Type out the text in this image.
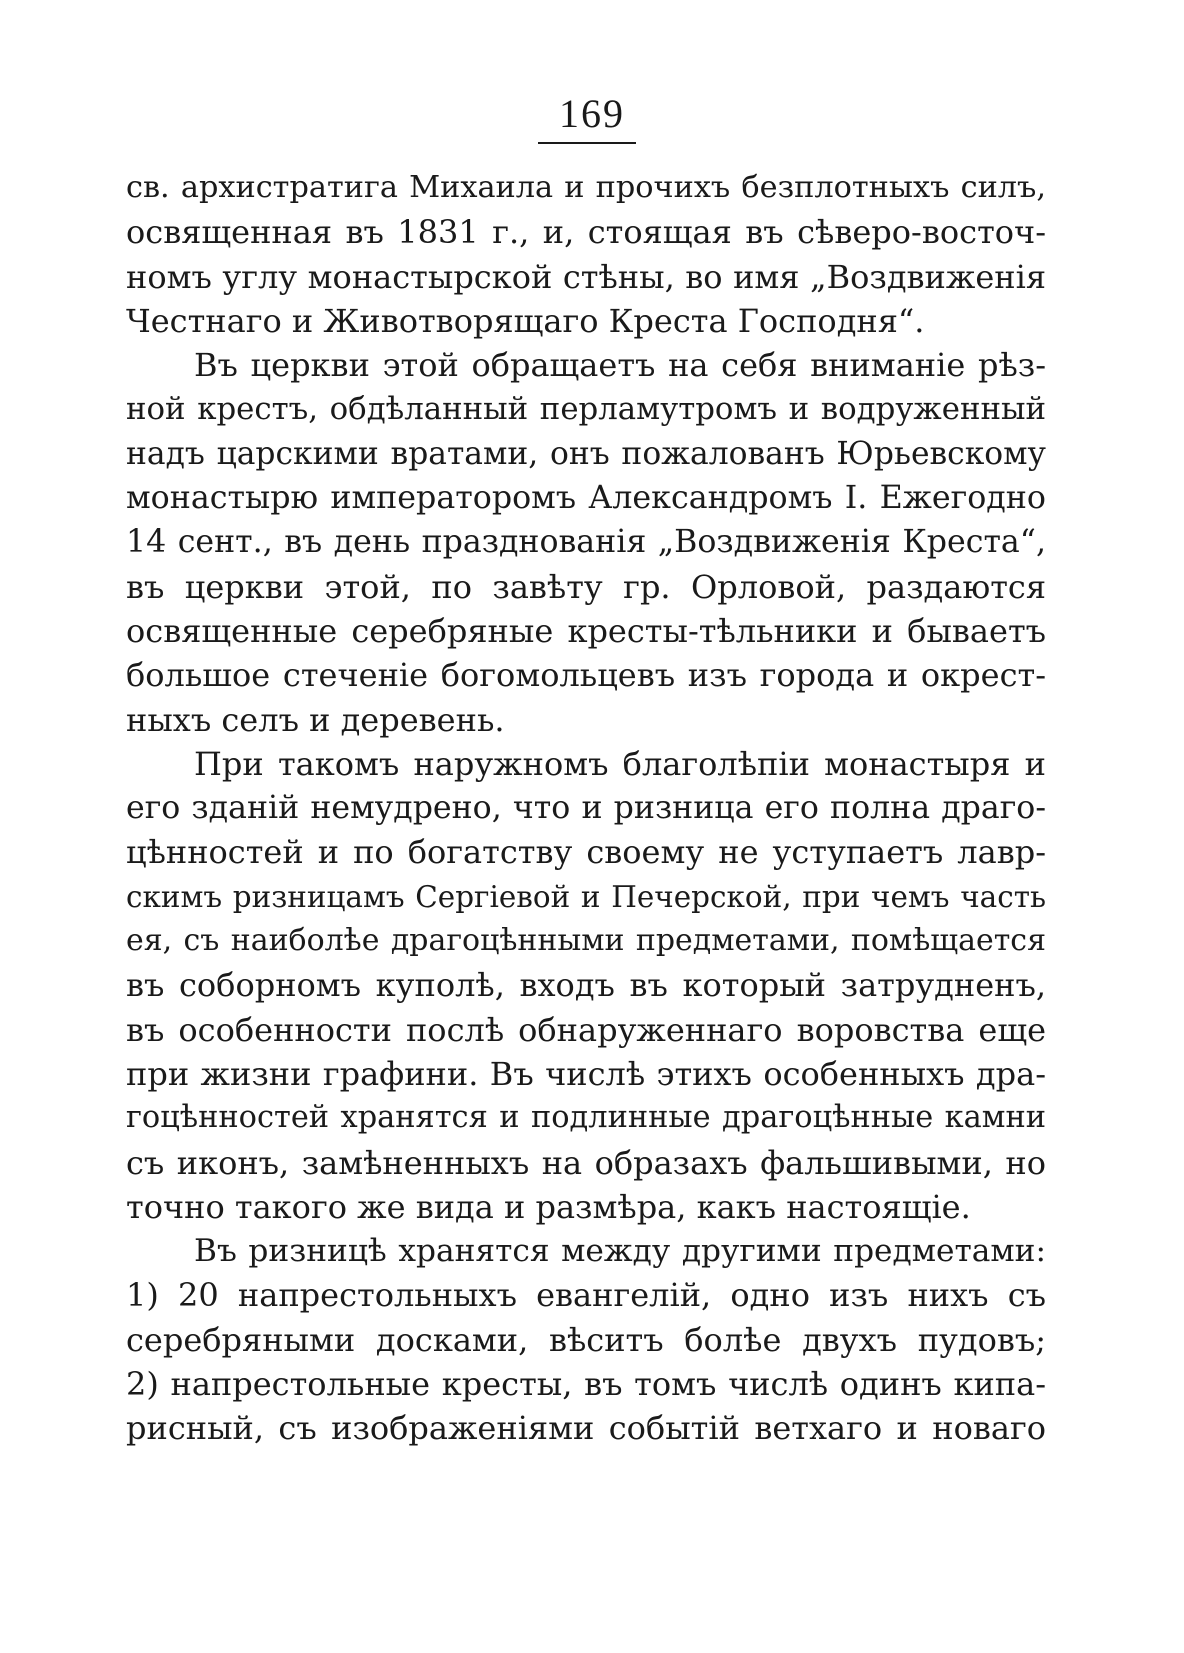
169
св. архистратига Михаила и прочихъ безплотныхъ силъ,
освященная въ 1831 г., и, стоящая въ сѣверо-восточ-
номъ углу монастырской стѣны, во имя „Воздвиженія
Честнаго и Животворящаго Креста Господня“.
Въ церкви этой обращаетъ на себя вниманіе рѣз-
ной крестъ, обдѣланный перламутромъ и водруженный
надъ царскими вратами, онъ пожалованъ Юрьевскому
монастырю императоромъ Александромъ I. Ежегодно
14 сент., въ день празднованія „Воздвиженія Креста“,
въ церкви этой, по завѣту гр. Орловой, раздаются
освященные серебряные кресты-тѣльники и бываетъ
большое стеченіе богомольцевъ изъ города и окрест-
ныхъ селъ и деревень.
При такомъ наружномъ благолѣпіи монастыря и
его зданій немудрено, что и ризница его полна драго-
цѣнностей и по богатству своему не уступаетъ лавр-
скимъ ризницамъ Сергіевой и Печерской, при чемъ часть
ея, съ наиболѣе драгоцѣнными предметами, помѣщается
въ соборномъ куполѣ, входъ въ который затрудненъ,
въ особенности послѣ обнаруженнаго воровства еще
при жизни графини. Въ числѣ этихъ особенныхъ дра-
гоцѣнностей хранятся и подлинные драгоцѣнные камни
съ иконъ, замѣненныхъ на образахъ фальшивыми, но
точно такого же вида и размѣра, какъ настоящіе.
Въ ризницѣ хранятся между другими предметами:
1) 20 напрестольныхъ евангелій, одно изъ нихъ съ
серебряными досками, вѣситъ болѣе двухъ пудовъ;
2) напрестольные кресты, въ томъ числѣ одинъ кипа-
рисный, съ изображеніями событій ветхаго и новаго
